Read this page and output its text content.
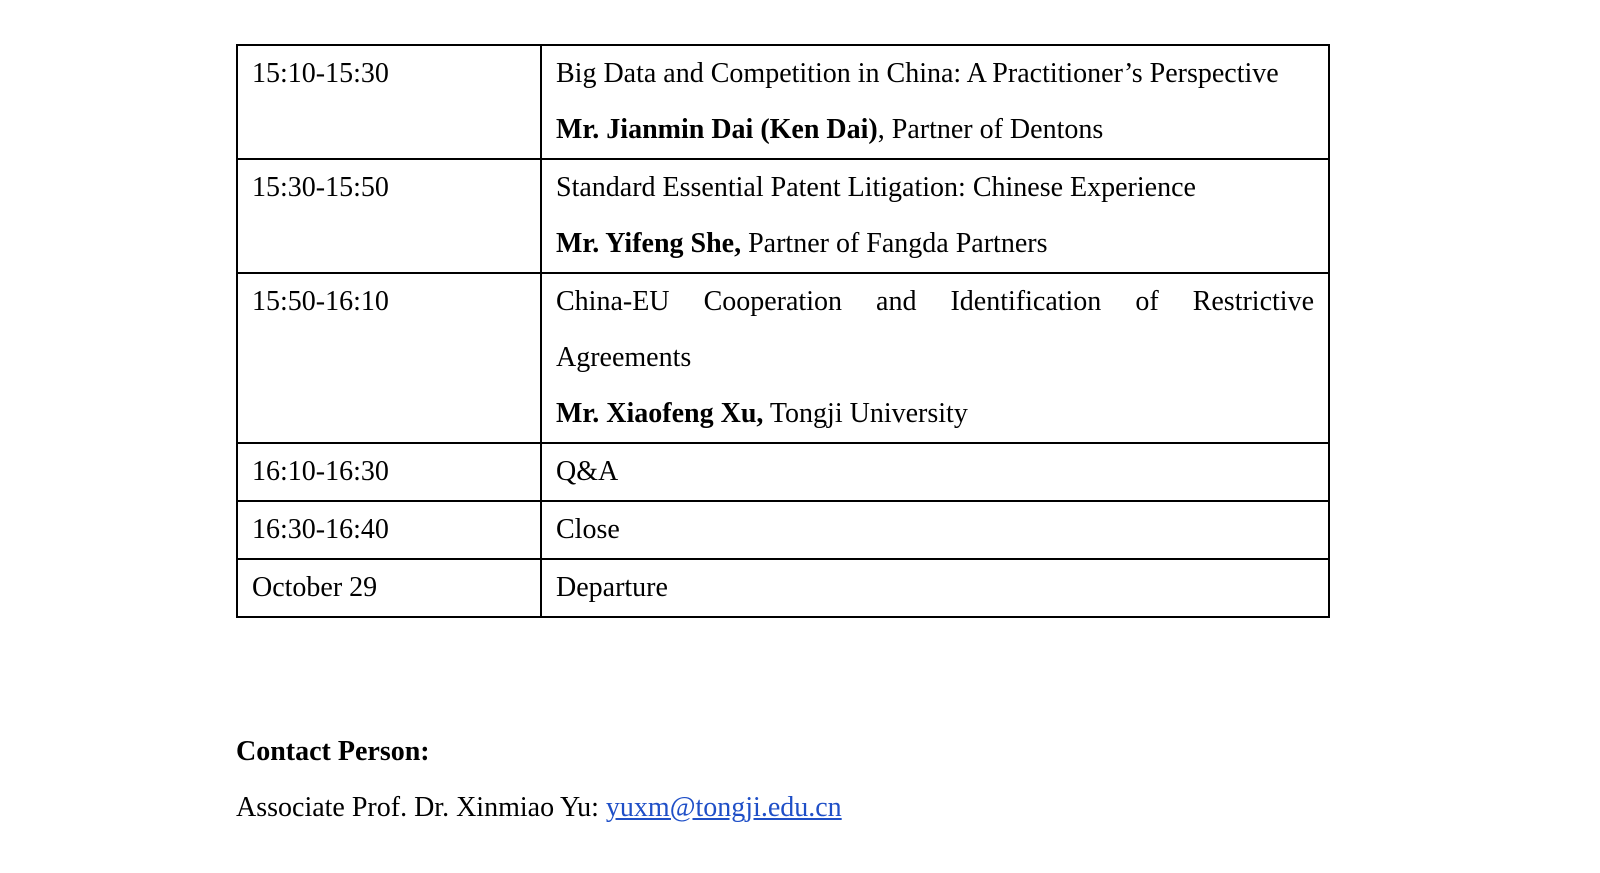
15:10-15:30	Big Data and Competition in China: A Practitioner’s Perspective
Mr. Jianmin Dai (Ken Dai), Partner of Dentons

15:30-15:50	Standard Essential Patent Litigation: Chinese Experience
Mr. Yifeng She, Partner of Fangda Partners

15:50-16:10	China-EU Cooperation and Identification of Restrictive Agreements
Mr. Xiaofeng Xu, Tongji University

16:10-16:30	Q&A
16:30-16:40	Close
October 29	Departure
Contact Person:
Associate Prof. Dr. Xinmiao Yu: yuxm@tongji.edu.cn
